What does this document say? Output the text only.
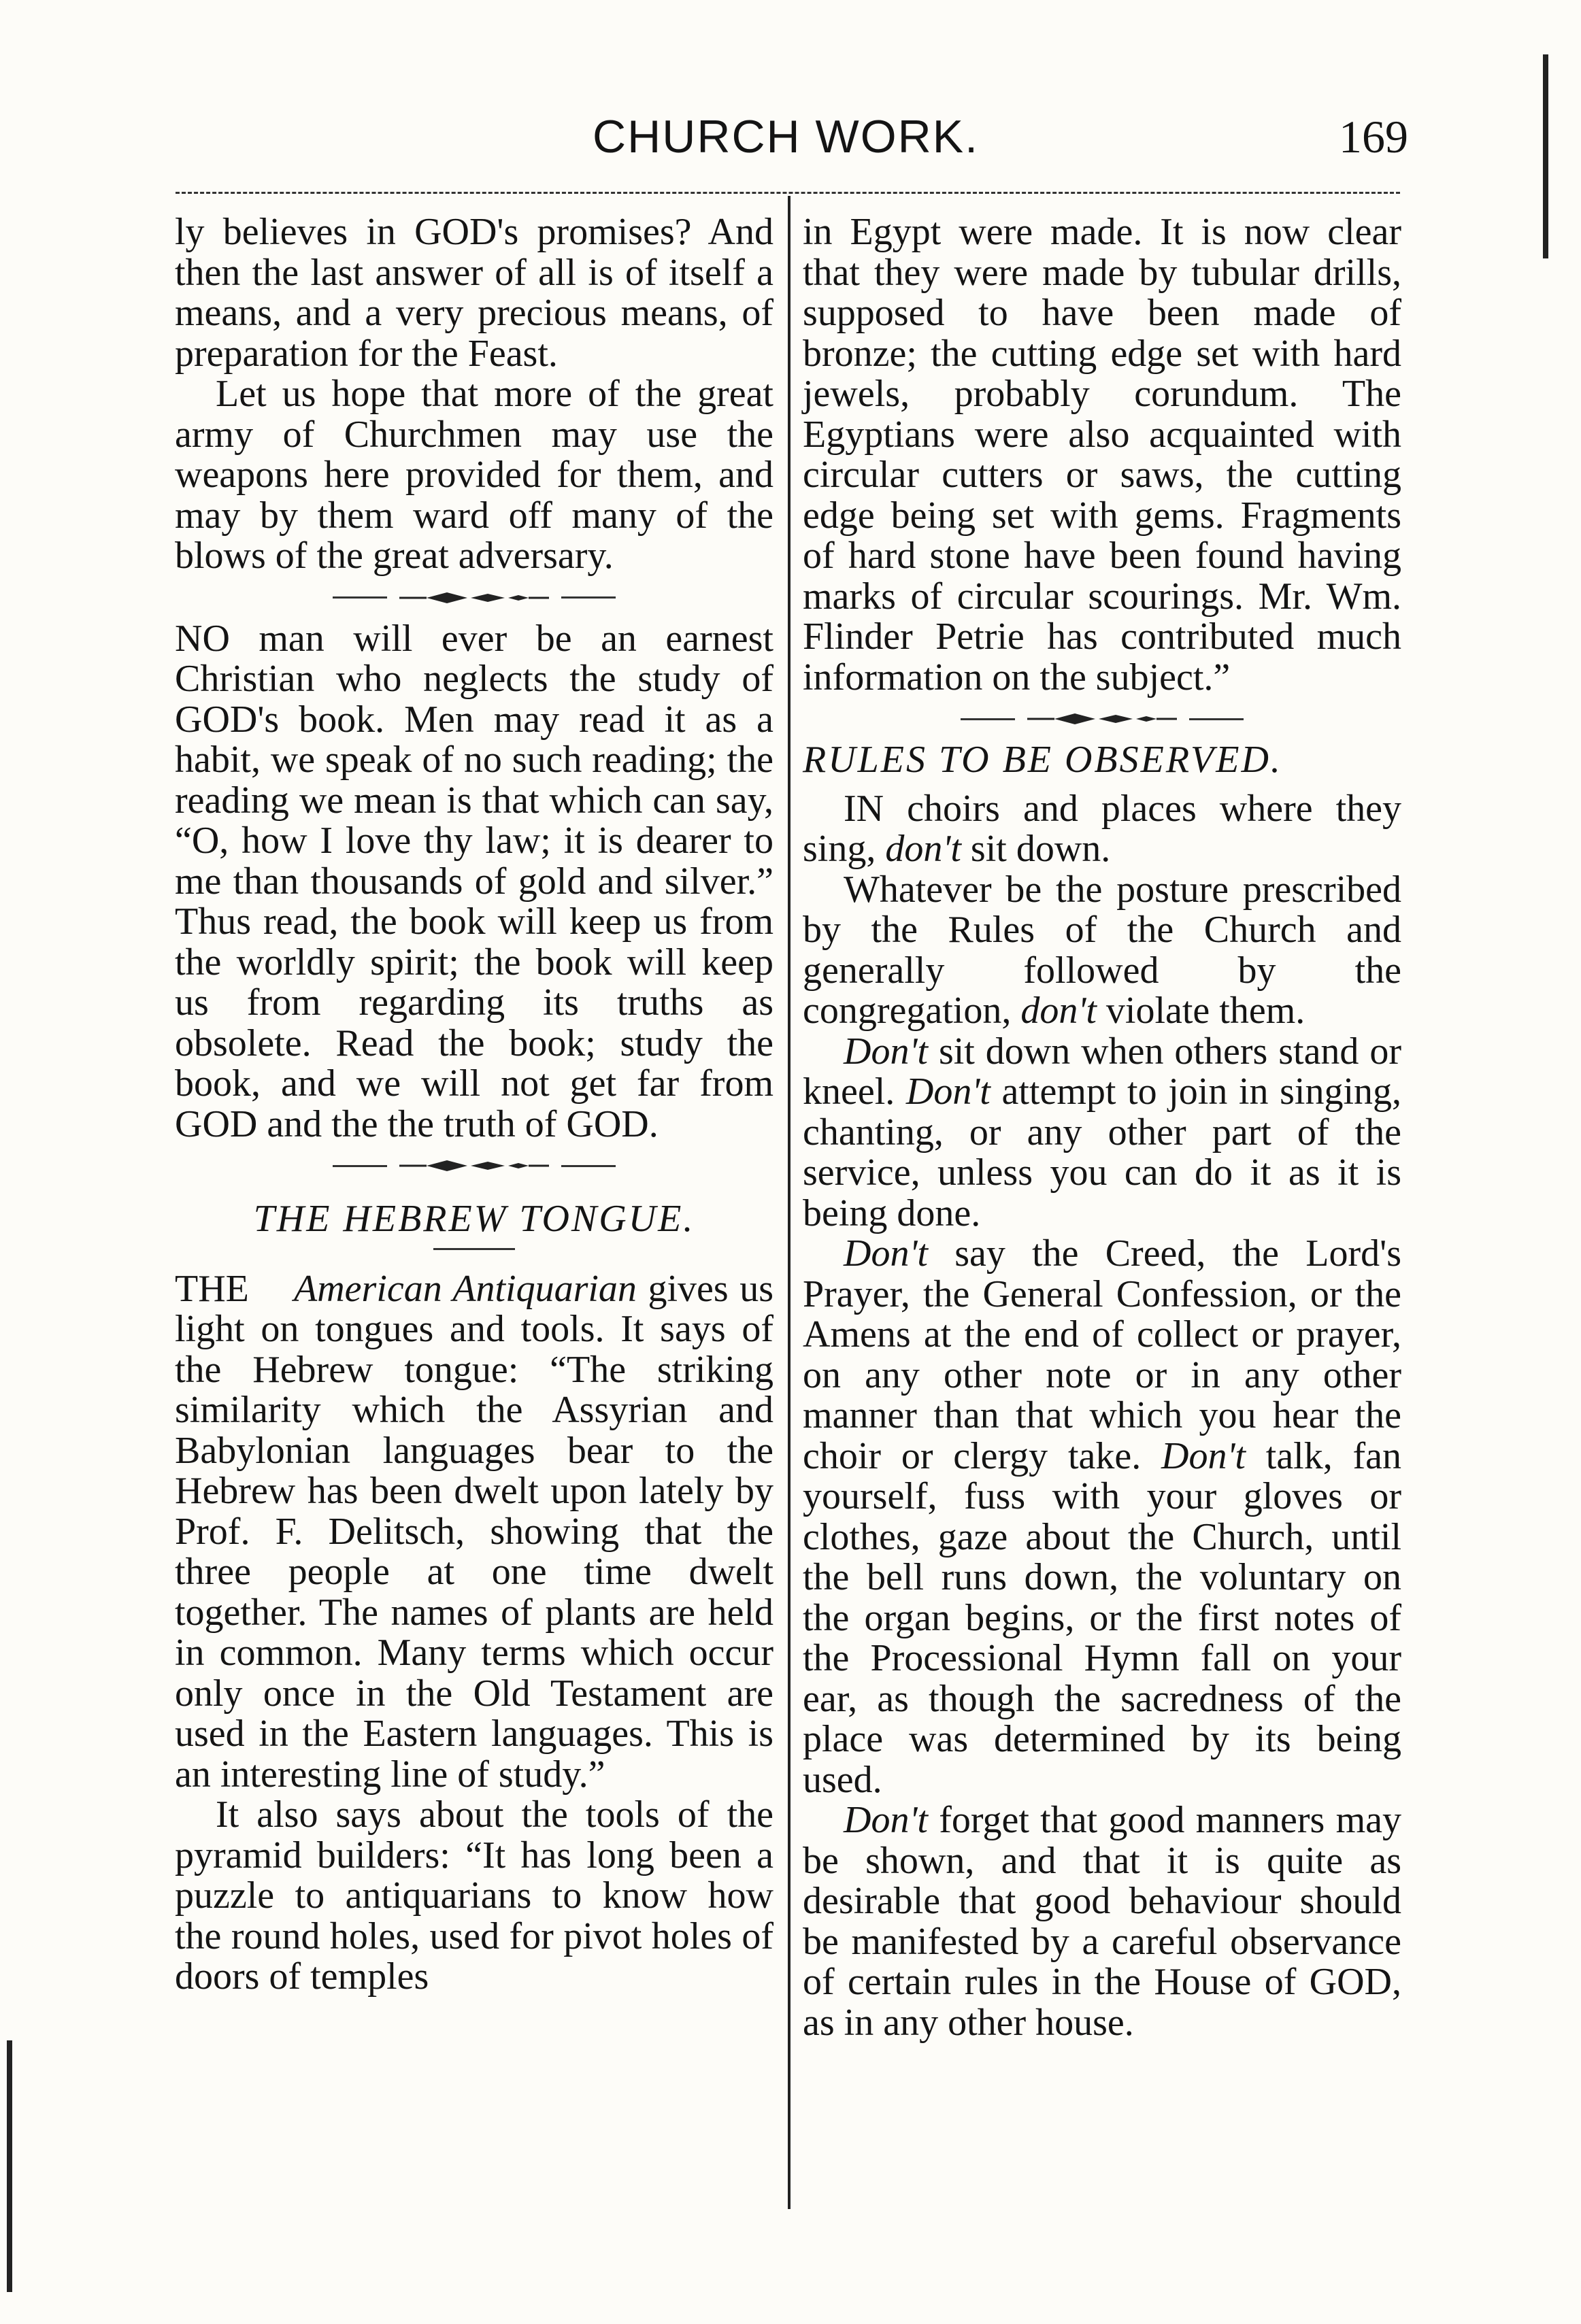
CHURCH WORK.	169

ly believes in GOD's promises? And then the last answer of all is of itself a means, and a very precious means, of preparation for the Feast.

Let us hope that more of the great army of Churchmen may use the weapons here provided for them, and may by them ward off many of the blows of the great adversary.

NO man will ever be an earnest Christian who neglects the study of GOD's book. Men may read it as a habit, we speak of no such reading; the reading we mean is that which can say, “O, how I love thy law; it is dearer to me than thousands of gold and silver.” Thus read, the book will keep us from the worldly spirit; the book will keep us from regarding its truths as obsolete. Read the book; study the book, and we will not get far from GOD and the the truth of GOD.

THE HEBREW TONGUE.

THE American Antiquarian gives us light on tongues and tools. It says of the Hebrew tongue: “The striking similarity which the Assyrian and Babylonian languages bear to the Hebrew has been dwelt upon lately by Prof. F. Delitsch, showing that the three people at one time dwelt together. The names of plants are held in common. Many terms which occur only once in the Old Testament are used in the Eastern languages. This is an interesting line of study.”

It also says about the tools of the pyramid builders: “It has long been a puzzle to antiquarians to know how the round holes, used for pivot holes of doors of temples

in Egypt were made. It is now clear that they were made by tubular drills, supposed to have been made of bronze; the cutting edge set with hard jewels, probably corundum. The Egyptians were also acquainted with circular cutters or saws, the cutting edge being set with gems. Fragments of hard stone have been found having marks of circular scourings. Mr. Wm. Flinder Petrie has contributed much information on the subject.”

RULES TO BE OBSERVED.

IN choirs and places where they sing, don't sit down.

Whatever be the posture prescribed by the Rules of the Church and generally followed by the congregation, don't violate them.

Don't sit down when others stand or kneel. Don't attempt to join in singing, chanting, or any other part of the service, unless you can do it as it is being done.

Don't say the Creed, the Lord's Prayer, the General Confession, or the Amens at the end of collect or prayer, on any other note or in any other manner than that which you hear the choir or clergy take. Don't talk, fan yourself, fuss with your gloves or clothes, gaze about the Church, until the bell runs down, the voluntary on the organ begins, or the first notes of the Processional Hymn fall on your ear, as though the sacredness of the place was determined by its being used.

Don't forget that good manners may be shown, and that it is quite as desirable that good behaviour should be manifested by a careful observance of certain rules in the House of GOD, as in any other house.
